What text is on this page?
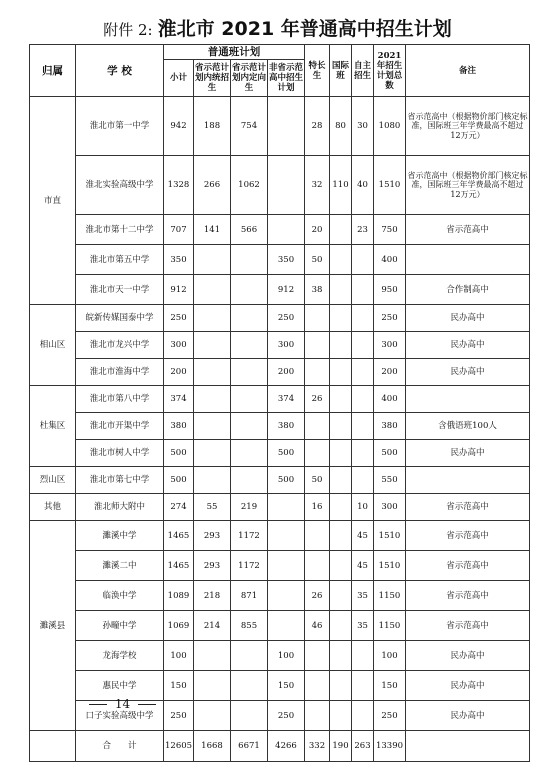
附件 2: 淮北市 2021 年普通高中招生计划
归属	学 校	普通班计划				特长生	国际班	自主招生	2021年招生计划总数	备注
		小计	省示范计划内统招生	省示范计划内定向生	非省示范高中招生计划					
市直	淮北市第一中学	942	188	754		28	80	30	1080	省示范高中（根据物价部门核定标准，国际班三年学费最高不超过12万元）
	淮北实验高级中学	1328	266	1062		32	110	40	1510	省示范高中（根据物价部门核定标准，国际班三年学费最高不超过12万元）
	淮北市第十二中学	707	141	566		20		23	750	省示范高中
	淮北市第五中学	350			350	50			400	
	淮北市天一中学	912			912	38			950	合作制高中
相山区	皖新传媒国泰中学	250			250				250	民办高中
	淮北市龙兴中学	300			300				300	民办高中
	淮北市淮海中学	200			200				200	民办高中
杜集区	淮北市第八中学	374			374	26			400	
	淮北市开渠中学	380			380				380	含俄语班100人
	淮北市树人中学	500			500				500	民办高中
烈山区	淮北市第七中学	500			500	50			550	
其他	淮北师大附中	274	55	219		16		10	300	省示范高中
濉溪县	濉溪中学	1465	293	1172				45	1510	省示范高中
	濉溪二中	1465	293	1172				45	1510	省示范高中
	临涣中学	1089	218	871		26		35	1150	省示范高中
	孙疃中学	1069	214	855		46		35	1150	省示范高中
	龙海学校	100			100				100	民办高中
	惠民中学	150			150				150	民办高中
	口子实验高级中学	250			250				250	民办高中
	合　　计	12605	1668	6671	4266	332	190	263	13390	
14
